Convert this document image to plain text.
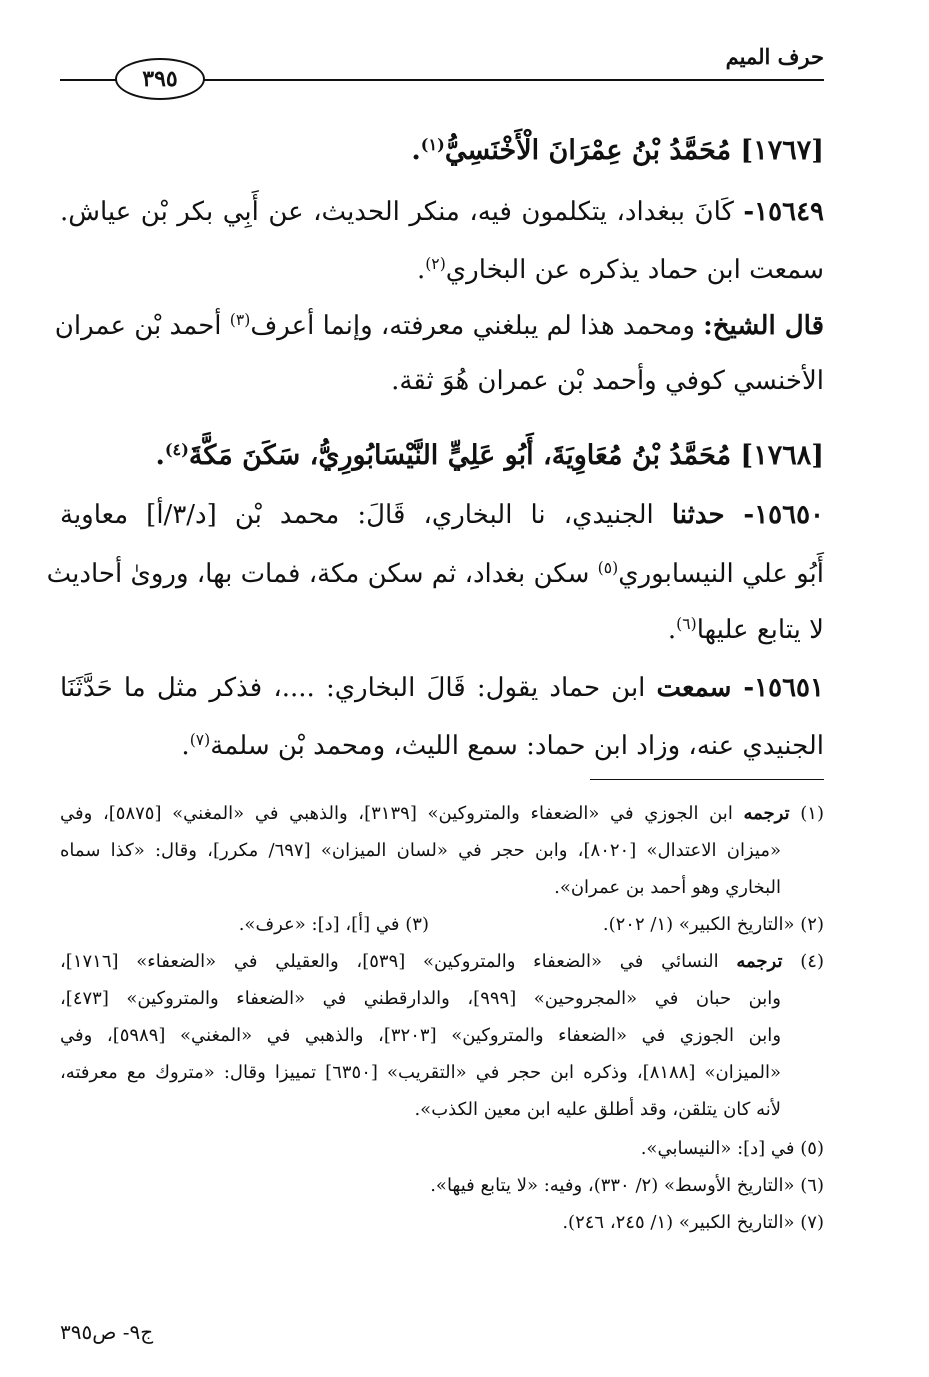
حرف الميم
٣٩٥
[١٧٦٧] مُحَمَّدُ بْنُ عِمْرَانَ الْأَخْنَسِيُّ$^{(١)}$.
١٥٦٤٩- كَانَ ببغداد، يتكلمون فيه، منكر الحديث، عن أَبِي بكر بْن عياش.
سمعت ابن حماد يذكره عن البخاري$^{(٢)}$.
قال الشيخ: ومحمد هذا لم يبلغني معرفته، وإنما أعرف$^{(٣)}$ أحمد بْن عمران
الأخنسي كوفي وأحمد بْن عمران هُوَ ثقة.
[١٧٦٨] مُحَمَّدُ بْنُ مُعَاوِيَةَ، أَبُو عَلِيٍّ النَّيْسَابُورِيُّ، سَكَنَ مَكَّةَ$^{(٤)}$.
١٥٦٥٠- حدثنا الجنيدي، نا البخاري، قَالَ: محمد بْن [د/٣/أ] معاوية
أَبُو علي النيسابوري$^{(٥)}$ سكن بغداد، ثم سكن مكة، فمات بها، وروىٰ أحاديث
لا يتابع عليها$^{(٦)}$.
١٥٦٥١- سمعت ابن حماد يقول: قَالَ البخاري: ....، فذكر مثل ما حَدَّثَنَا
الجنيدي عنه، وزاد ابن حماد: سمع الليث، ومحمد بْن سلمة$^{(٧)}$.
(١) ترجمه ابن الجوزي في «الضعفاء والمتروكين» [٣١٣٩]، والذهبي في «المغني» [٥٨٧٥]، وفي
«ميزان الاعتدال» [٨٠٢٠]، وابن حجر في «لسان الميزان» [٦٩٧/ مكرر]، وقال: «كذا سماه
البخاري وهو أحمد بن عمران».
(٢) «التاريخ الكبير» (١/ ٢٠٢).
(٣) في [أ]، [د]: «عرف».
(٤) ترجمه النسائي في «الضعفاء والمتروكين» [٥٣٩]، والعقيلي في «الضعفاء» [١٧١٦]،
وابن حبان في «المجروحين» [٩٩٩]، والدارقطني في «الضعفاء والمتروكين» [٤٧٣]،
وابن الجوزي في «الضعفاء والمتروكين» [٣٢٠٣]، والذهبي في «المغني» [٥٩٨٩]، وفي
«الميزان» [٨١٨٨]، وذكره ابن حجر في «التقريب» [٦٣٥٠] تمييزا وقال: «متروك مع معرفته،
لأنه كان يتلقن، وقد أطلق عليه ابن معين الكذب».
(٥) في [د]: «النيسابي».
(٦) «التاريخ الأوسط» (٢/ ٣٣٠)، وفيه: «لا يتابع فيها».
(٧) «التاريخ الكبير» (١/ ٢٤٥، ٢٤٦).
ج٩- ص٣٩٥
